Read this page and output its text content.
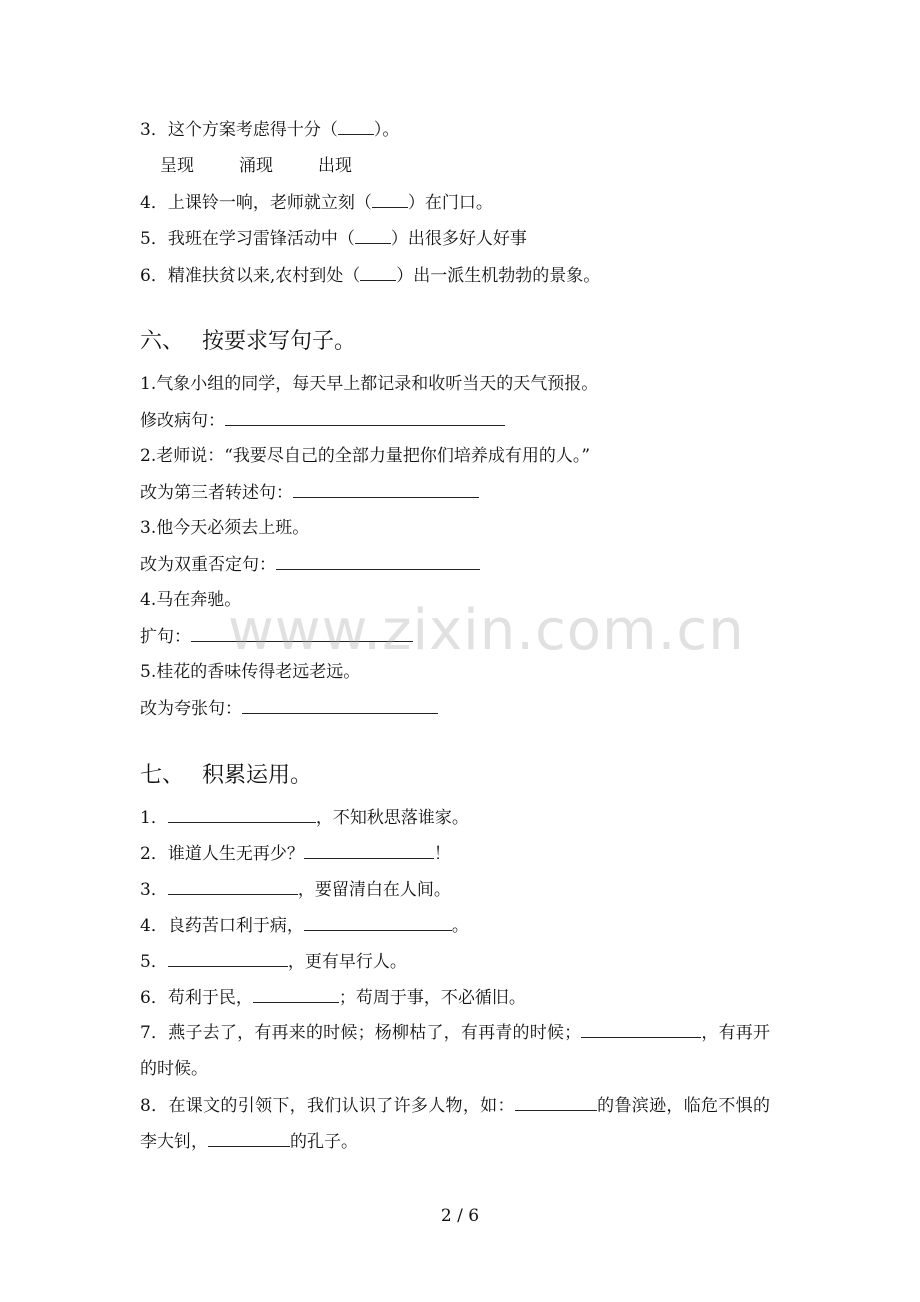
3．这个方案考虑得十分（ ）。
呈现	涌现	出现
4．上课铃一响，老师就立刻（ ）在门口。
5．我班在学习雷锋活动中（ ）出很多好人好事
6．精准扶贫以来,农村到处（ ）出一派生机勃勃的景象。
六、 按要求写句子。
1.气象小组的同学，每天早上都记录和收听当天的天气预报。
修改病句：
2.老师说：“我要尽自己的全部力量把你们培养成有用的人。”
改为第三者转述句：
3.他今天必须去上班。
改为双重否定句：
4.马在奔驰。
扩句：
5.桂花的香味传得老远老远。
改为夸张句：
www.zixin.com.cn
七、 积累运用。
1．	，不知秋思落谁家。
2．谁道人生无再少？	！
3．	，要留清白在人间。
4．良药苦口利于病，	。
5．	，更有早行人。
6．苟利于民，	；苟周于事，不必循旧。
7．燕子去了，有再来的时候；杨柳枯了，有再青的时候；	，有再开的时候。
8．在课文的引领下，我们认识了许多人物，如：	的鲁滨逊，临危不惧的李大钊，	的孔子。
2 / 6
